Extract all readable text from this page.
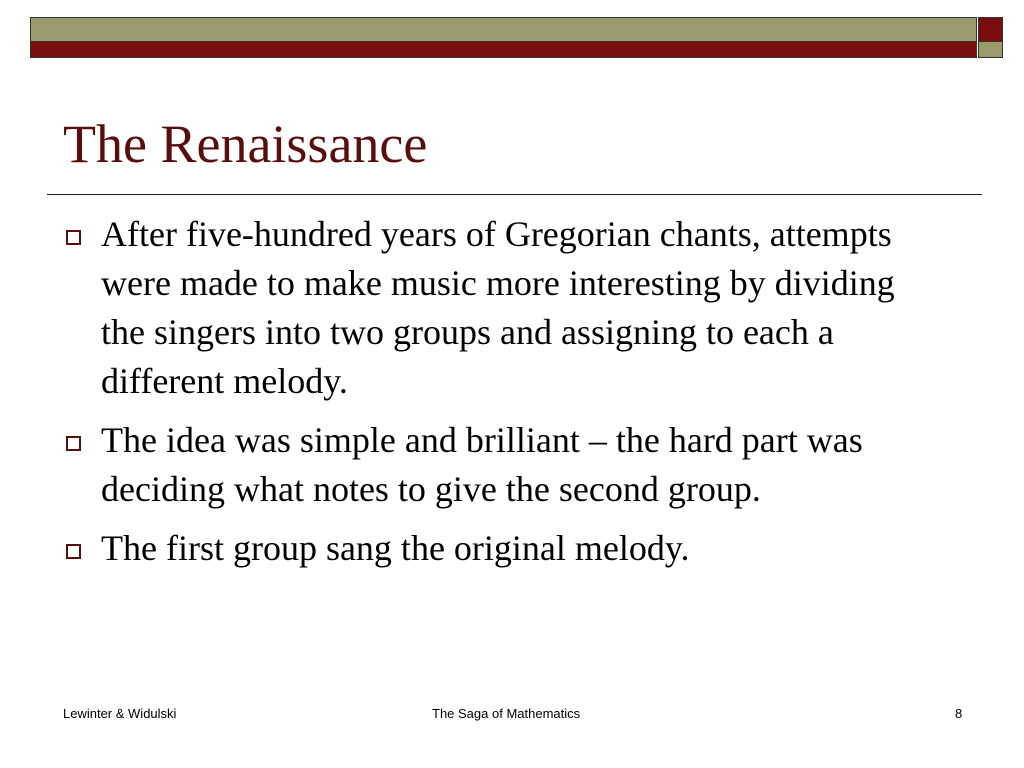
The Renaissance
After five-hundred years of Gregorian chants, attempts were made to make music more interesting by dividing the singers into two groups and assigning to each a different melody.
The idea was simple and brilliant – the hard part was deciding what notes to give the second group.
The first group sang the original melody.
Lewinter & Widulski	The Saga of Mathematics	8
